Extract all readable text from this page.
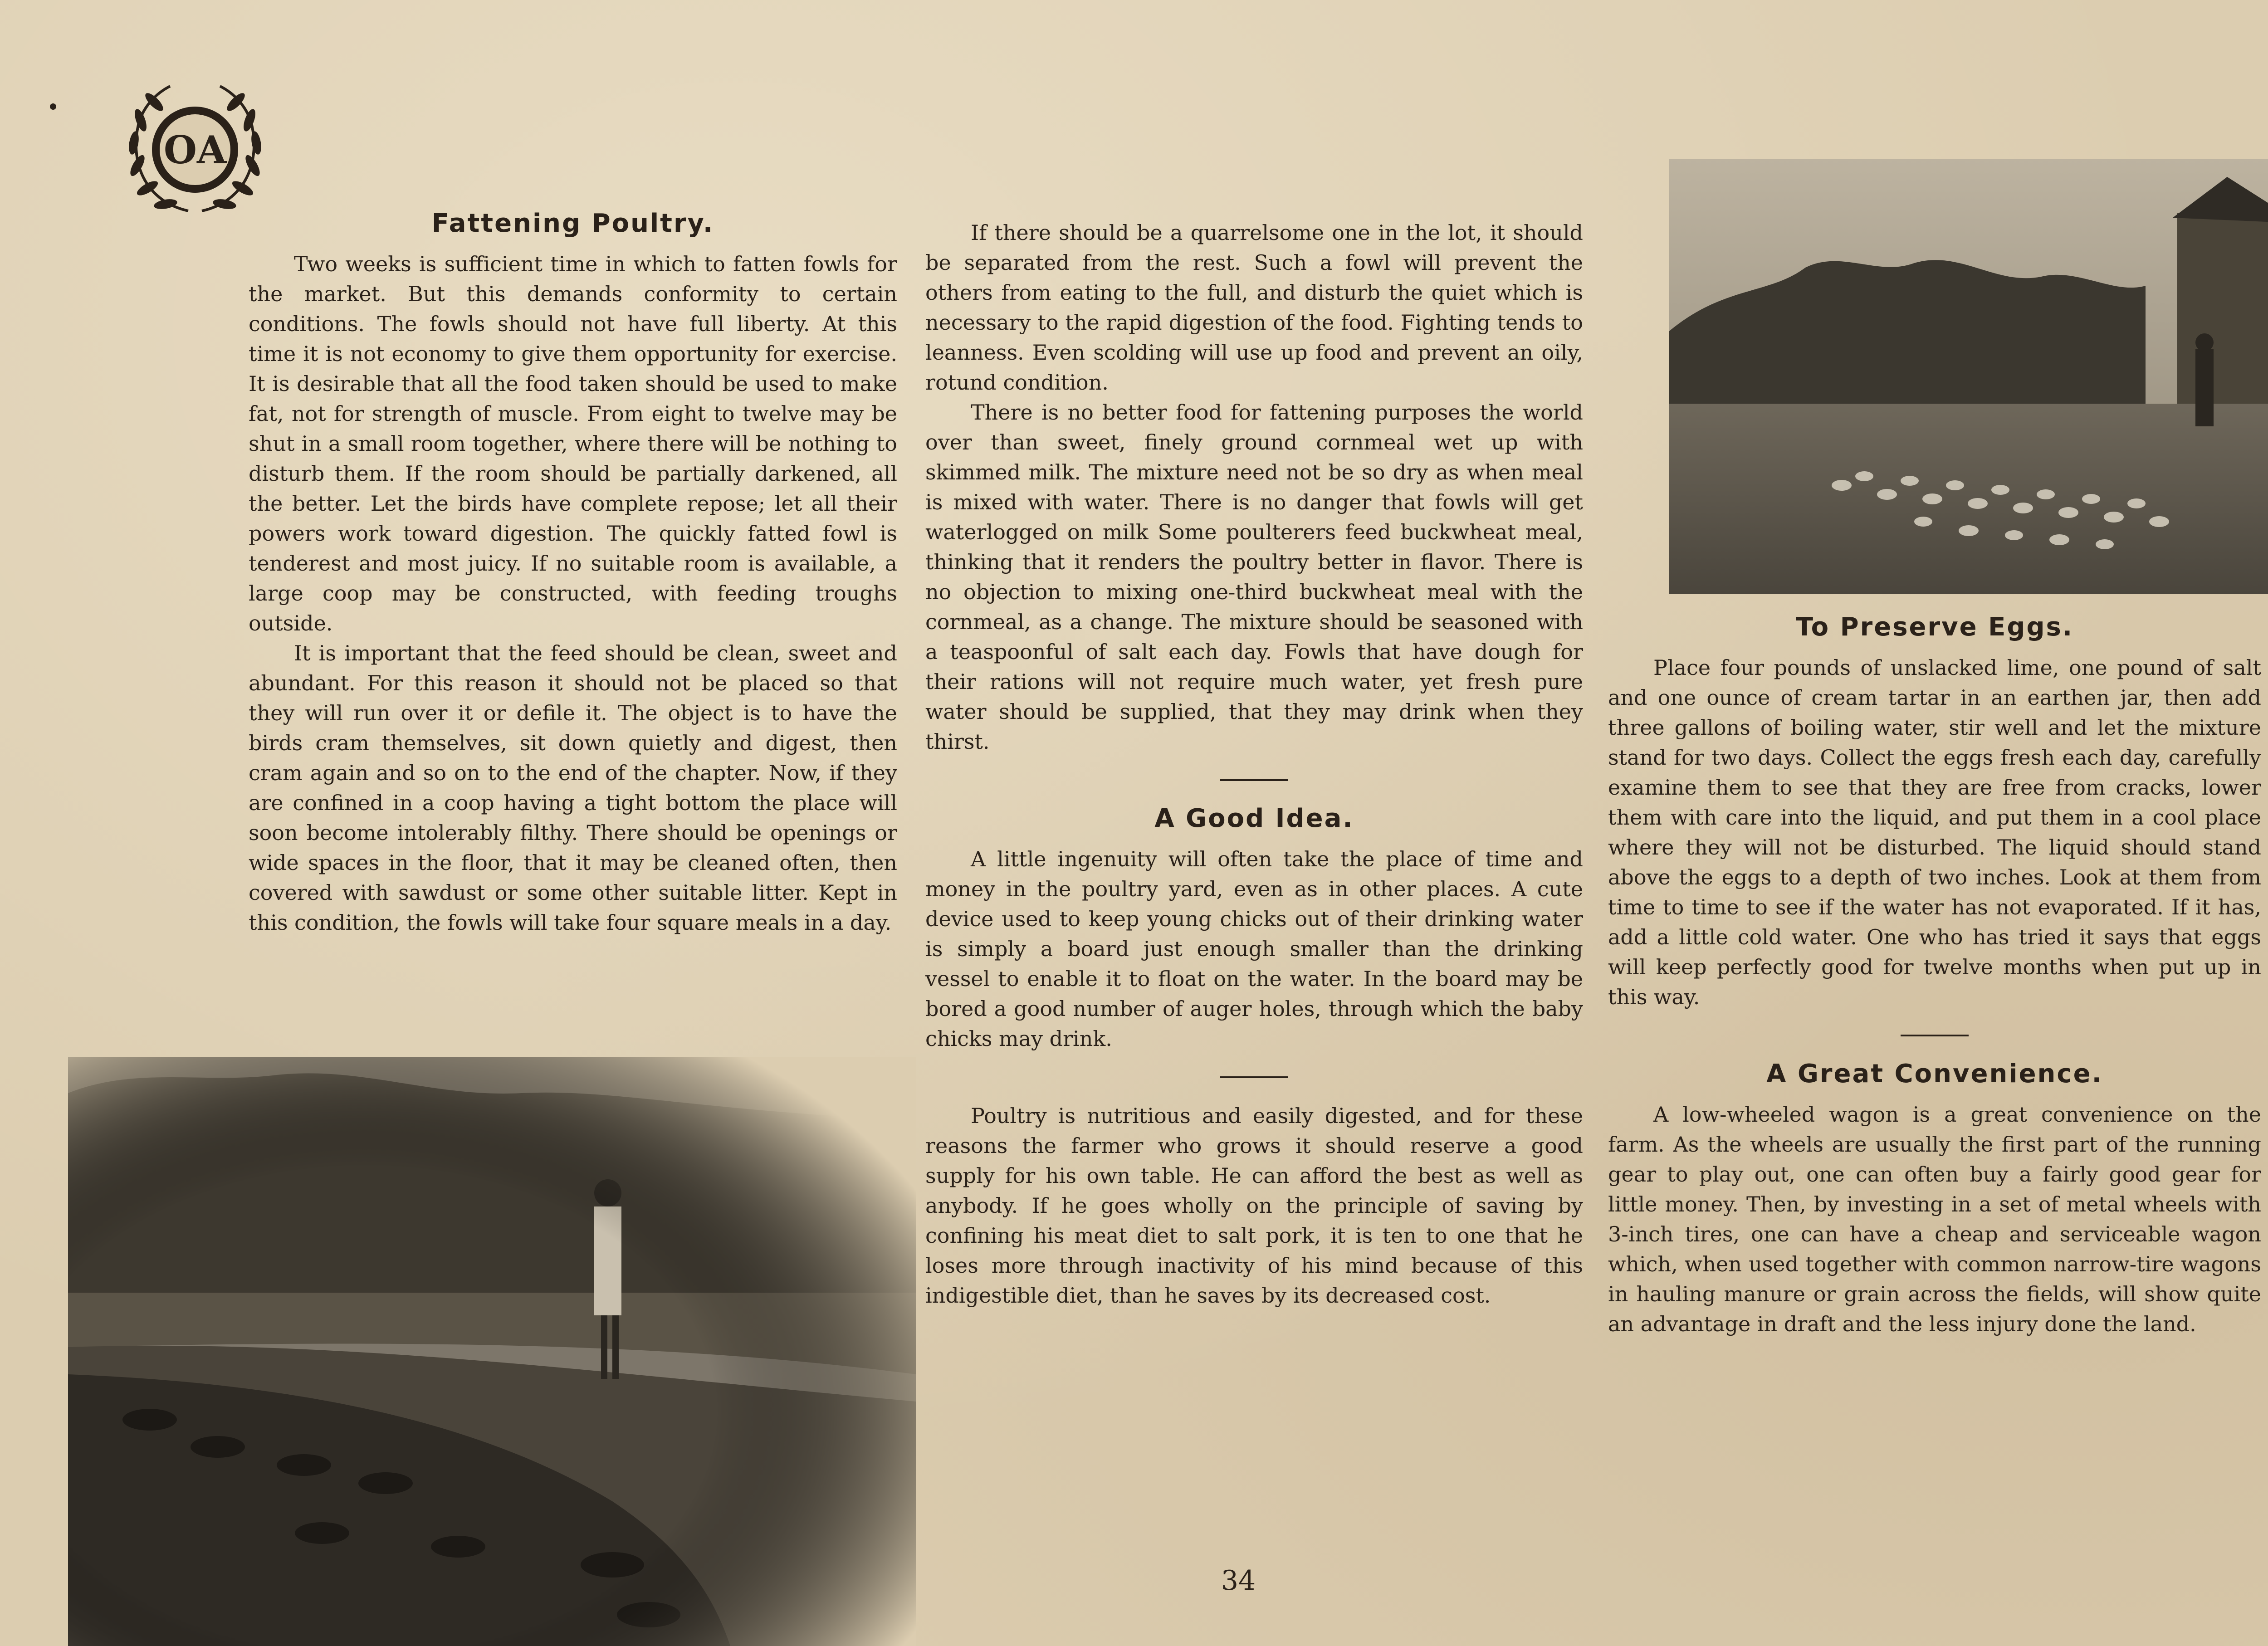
OA
Fattening Poultry.

Two weeks is sufficient time in which to fatten fowls for the market. But this demands conformity to certain conditions. The fowls should not have full liberty. At this time it is not economy to give them opportunity for exercise. It is desirable that all the food taken should be used to make fat, not for strength of muscle. From eight to twelve may be shut in a small room together, where there will be nothing to disturb them. If the room should be partially darkened, all the better. Let the birds have complete repose; let all their powers work toward digestion. The quickly fatted fowl is tenderest and most juicy. If no suitable room is available, a large coop may be constructed, with feeding troughs outside.

It is important that the feed should be clean, sweet and abundant. For this reason it should not be placed so that they will run over it or defile it. The object is to have the birds cram themselves, sit down quietly and digest, then cram again and so on to the end of the chapter. Now, if they are confined in a coop having a tight bottom the place will soon become intolerably filthy. There should be openings or wide spaces in the floor, that it may be cleaned often, then covered with sawdust or some other suitable litter. Kept in this condition, the fowls will take four square meals in a day.

If there should be a quarrelsome one in the lot, it should be separated from the rest. Such a fowl will prevent the others from eating to the full, and disturb the quiet which is necessary to the rapid digestion of the food. Fighting tends to leanness. Even scolding will use up food and prevent an oily, rotund condition.

There is no better food for fattening purposes the world over than sweet, finely ground cornmeal wet up with skimmed milk. The mixture need not be so dry as when meal is mixed with water. There is no danger that fowls will get waterlogged on milk Some poulterers feed buckwheat meal, thinking that it renders the poultry better in flavor. There is no objection to mixing one-third buckwheat meal with the cornmeal, as a change. The mixture should be seasoned with a teaspoonful of salt each day. Fowls that have dough for their rations will not require much water, yet fresh pure water should be supplied, that they may drink when they thirst.

A Good Idea.

A little ingenuity will often take the place of time and money in the poultry yard, even as in other places. A cute device used to keep young chicks out of their drinking water is simply a board just enough smaller than the drinking vessel to enable it to float on the water. In the board may be bored a good number of auger holes, through which the baby chicks may drink.

Poultry is nutritious and easily digested, and for these reasons the farmer who grows it should reserve a good supply for his own table. He can afford the best as well as anybody. If he goes wholly on the principle of saving by confining his meat diet to salt pork, it is ten to one that he loses more through inactivity of his mind because of this indigestible diet, than he saves by its decreased cost.

To Preserve Eggs.

Place four pounds of unslacked lime, one pound of salt and one ounce of cream tartar in an earthen jar, then add three gallons of boiling water, stir well and let the mixture stand for two days. Collect the eggs fresh each day, carefully examine them to see that they are free from cracks, lower them with care into the liquid, and put them in a cool place where they will not be disturbed. The liquid should stand above the eggs to a depth of two inches. Look at them from time to time to see if the water has not evaporated. If it has, add a little cold water. One who has tried it says that eggs will keep perfectly good for twelve months when put up in this way.

A Great Convenience.

A low-wheeled wagon is a great convenience on the farm. As the wheels are usually the first part of the running gear to play out, one can often buy a fairly good gear for little money. Then, by investing in a set of metal wheels with 3-inch tires, one can have a cheap and serviceable wagon which, when used together with common narrow-tire wagons in hauling manure or grain across the fields, will show quite an advantage in draft and the less injury done the land.

34
